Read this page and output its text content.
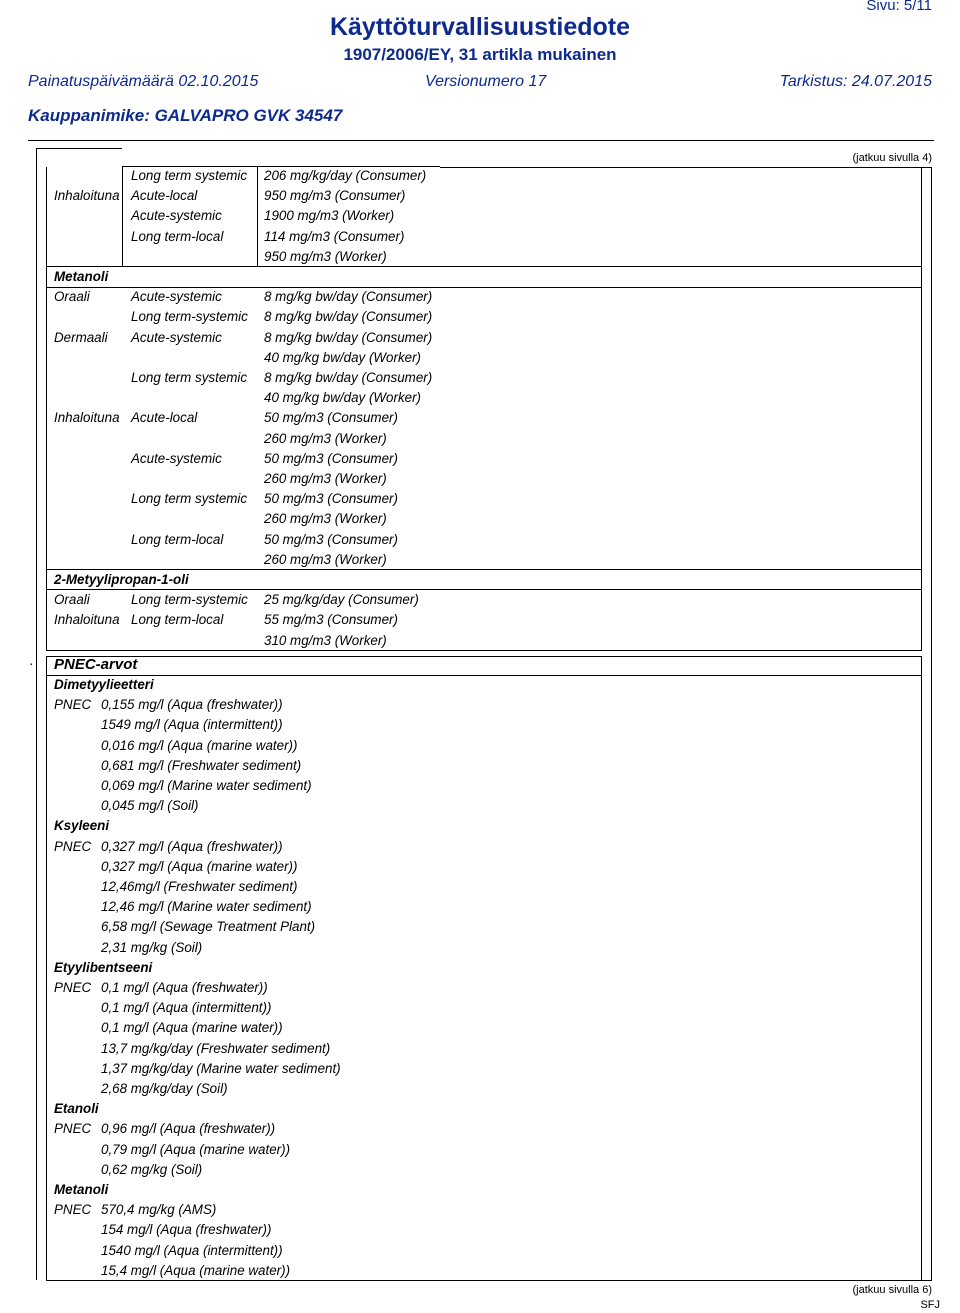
Sivu: 5/11
Käyttöturvallisuustiedote
1907/2006/EY, 31 artikla mukainen
Painatuspäivämäärä 02.10.2015	Versionumero 17	Tarkistus: 24.07.2015
Kauppanimike: GALVAPRO GVK 34547
(jatkuu sivulla 4)
(jatkuu sivulla 6)
SFJ
Long term systemic 206 mg/kg/day (Consumer)
Inhaloituna Acute-local	950 mg/m3 (Consumer)
Acute-systemic	1900 mg/m3 (Worker)
Long term-local	114 mg/m3 (Consumer)
950 mg/m3 (Worker)
Metanoli
Oraali	Acute-systemic	8 mg/kg bw/day (Consumer)
Long term-systemic 8 mg/kg bw/day (Consumer)
Dermaali Acute-systemic	8 mg/kg bw/day (Consumer)
40 mg/kg bw/day (Worker)
Long term systemic 8 mg/kg bw/day (Consumer)
40 mg/kg bw/day (Worker)
Inhaloituna Acute-local	50 mg/m3 (Consumer)
260 mg/m3 (Worker)
Acute-systemic	50 mg/m3 (Consumer)
260 mg/m3 (Worker)
Long term systemic 50 mg/m3 (Consumer)
260 mg/m3 (Worker)
Long term-local	50 mg/m3 (Consumer)
260 mg/m3 (Worker)
2-Metyylipropan-1-oli
Oraali	Long term-systemic 25 mg/kg/day (Consumer)
Inhaloituna Long term-local	55 mg/m3 (Consumer)
310 mg/m3 (Worker)
· PNEC-arvot
Dimetyylieetteri
PNEC 0,155 mg/l (Aqua (freshwater))
1549 mg/l (Aqua (intermittent))
0,016 mg/l (Aqua (marine water))
0,681 mg/l (Freshwater sediment)
0,069 mg/l (Marine water sediment)
0,045 mg/l (Soil)
Ksyleeni
PNEC 0,327 mg/l (Aqua (freshwater))
0,327 mg/l (Aqua (marine water))
12,46mg/l (Freshwater sediment)
12,46 mg/l (Marine water sediment)
6,58 mg/l (Sewage Treatment Plant)
2,31 mg/kg (Soil)
Etyylibentseeni
PNEC 0,1 mg/l (Aqua (freshwater))
0,1 mg/l (Aqua (intermittent))
0,1 mg/l (Aqua (marine water))
13,7 mg/kg/day (Freshwater sediment)
1,37 mg/kg/day (Marine water sediment)
2,68 mg/kg/day (Soil)
Etanoli
PNEC 0,96 mg/l (Aqua (freshwater))
0,79 mg/l (Aqua (marine water))
0,62 mg/kg (Soil)
Metanoli
PNEC 570,4 mg/kg (AMS)
154 mg/l (Aqua (freshwater))
1540 mg/l (Aqua (intermittent))
15,4 mg/l (Aqua (marine water))
